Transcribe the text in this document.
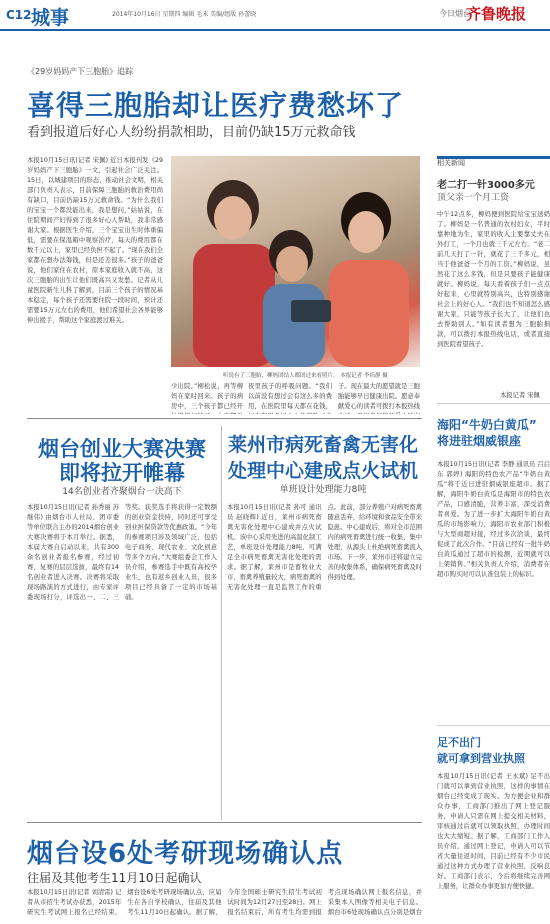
C12 城事	2014年10月16日 星期四 编辑 毛末 美编/组版 孙蕾晓	今日烟台
齐鲁晚报
《29岁妈妈产下三胞胎》追踪
喜得三胞胎却让医疗费愁坏了
看到报道后好心人纷纷捐款相助，目前仍缺15万元救命钱
本报10月15日讯(记者 宋佩) 近日本报刊发《29岁妈妈产下三胞胎》一文，引起社会广泛关注。15日，以城建项目的形态，推动社会文明，相关部门负责人表示，目前保障三胞胎的救治费用尚有缺口，目前仍缺15万元救命钱。“为什么我们的宝宝一个都没能出来，我是想问，”姑姑说，在住院期间产妇得到了很多好心人帮助，我非常感谢大家。根据医生介绍，三个宝宝出生时体重偏低，需要在保温箱中观察治疗，每天的费用都在数千元以上，家里已经负担不起了。“现在我们全家都在想办法筹钱，但是还差很多。”孩子的爸爸说，他们家住在农村，原本家庭收入就不高，这次三胞胎的出生让他们既高兴又发愁。记者从儿童医院新生儿科了解到，目前三个孩子的情况基本稳定，每个孩子还需要住院一段时间，预计还需要15万元左右的费用，他们希望社会各界能够伸出援手，帮助这个家庭渡过难关。
听说有了三胞胎，柳妈团结人都团过来看照片。 本报记者 李培静 摄
少出院。”柳松说，再等柳妈在家时回来。孩子的病房中，三个孩子都已经开
夜里孩子的呼吸问题。“我们以前没有想过会有这么多的费用，在医院里每天都在花钱，
子。现在最大的愿望就是三胞胎能够早日健康出院。愿意奉献爱心的读者可拨打本报热线
相关新闻
老二打一针3000多元
顶父亲一个月工资
中午12点多，柳妈便到医院给宝宝送奶了。柳妈是一名普通的农村妇女，平时靠种地为生，家里的收入主要靠丈夫在外打工，一个月也就三千元左右。“老二前几天打了一针，就花了三千多元，相当于他爸爸一个月的工资。”柳妈说，虽然花了这么多钱，但是只要孩子能健康就好。柳妈说，每天看着孩子们一点点好起来，心里就特别高兴，也特别感谢社会上的好心人。“我们也不知道怎么感谢大家，只能等孩子长大了，让他们也去帮助别人。”如有读者想为三胞胎捐款，可以拨打本报热线电话，或者直接到医院看望孩子。
本报记者 宋佩
海阳“牛奶白黄瓜”
将进驻烟威银座
本报10月15日讯(记者 李静 通讯员 吕启东 郭婷) 海阳的特色农产品“牛奶白黄瓜”将于近日进驻烟威银座超市。据了解，海阳牛奶白黄瓜是海阳市的特色农产品，口感清脆，营养丰富，深受消费者喜爱。为了进一步扩大海阳牛奶白黄瓜的市场影响力，海阳市农业部门积极与大型商超对接，经过多次洽谈，最终促成了此次合作。“目前已经有一批牛奶白黄瓜通过了超市的检测，近期就可以上架销售。”相关负责人介绍，消费者在超市购买时可以认准包装上的标识。
足不出门
就可拿到营业执照
本报10月15日讯(记者 王永斌) 足不出门就可以拿到营业执照，这样的事情在烟台已经变成了现实。为方便企业和群众办事，工商部门推出了网上登记服务，申请人只需在网上提交相关材料，审核通过后就可以领取执照，办理时间也大大缩短。据了解，工商部门工作人员介绍，通过网上登记，申请人可以节省大量往返时间，目前已经有不少市民通过这种方式办理了营业执照，反响良好。工商部门表示，今后将继续完善网上服务，让群众办事更加方便快捷。
烟台创业大赛决赛
即将拉开帷幕
14名创业者齐聚烟台一决高下
本报10月15日讯(记者 孙秀丽 苏继伟) 由烟台市人社局、团市委等单位联合主办的2014烟台创业大赛决赛将于本月举行。据悉，本届大赛自启动以来，共有300余名创业者报名参赛，经过初赛、复赛的层层选拔，最终有14名创业者进入决赛。决赛将采取现场路演的方式进行，由专家评委现场打分，评选出一、二、三等奖。获奖选手将获得一定数额的创业资金扶持，同时还可享受创业担保贷款等优惠政策。“今年的参赛项目涉及领域广泛，包括电子商务、现代农业、文化创意等多个方向。”大赛组委会工作人员介绍，参赛选手中既有高校毕业生，也有返乡创业人员，很多项目已经具备了一定的市场基础。
莱州市病死畜禽无害化
处理中心建成点火试机
单班设计处理能力8吨
本报10月15日讯(记者 孙可 通讯员 赵晓辉) 近日，莱州市病死畜禽无害化处理中心建成并点火试机。该中心采用先进的高温化制工艺，单班设计处理能力8吨，可满足全市病死畜禽无害化处理的需求。据了解，莱州市是畜牧业大市，畜禽养殖量较大，病死畜禽的无害化处理一直是监管工作的重点。此前，部分养殖户对病死畜禽随意丢弃，给环境和食品安全带来隐患。中心建成后，将对全市范围内的病死畜禽进行统一收集、集中处理，从源头上杜绝病死畜禽流入市场。下一步，莱州市还将建立完善的收集体系，确保病死畜禽及时得到处理。
烟台设6处考研现场确认点
往届及其他考生11月10日起确认
本报10月15日讯(记者 刘清雷) 记者从市招生考试办获悉，2015年研究生考试网上报名已经结束，烟台设6处考研现场确认点，应届生在各自学校确认，往届及其他考生11月10日起确认。据了解，今年全国硕士研究生招生考试初试时间为12月27日至28日。网上报名结束后，所有考生均需到报考点现场确认网上报名信息，并采集本人图像等相关电子信息。烟台市6处现场确认点分别是烟台
